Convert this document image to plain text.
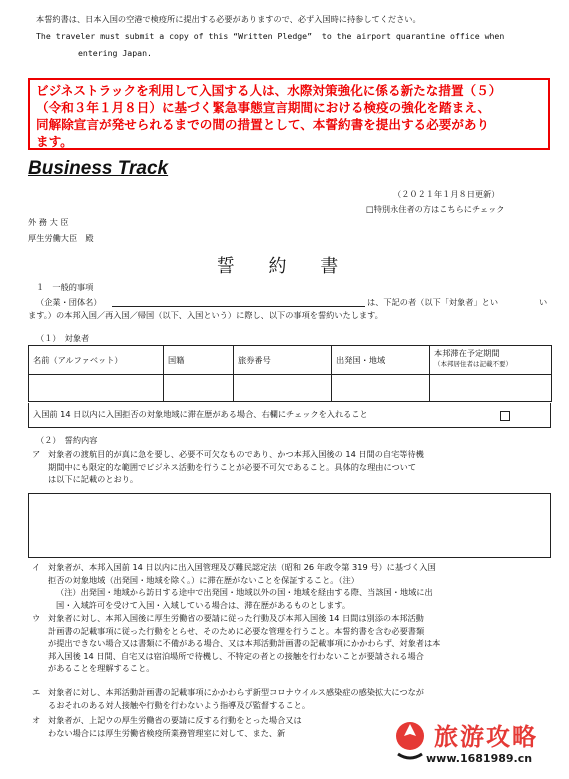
本誓約書は、日本入国の空港で検疫所に提出する必要がありますので、必ず入国時に持参してください。
The traveler must submit a copy of this “Written Pledge”  to the airport quarantine office when
entering Japan.

ビジネストラックを利用して入国する人は、水際対策強化に係る新たな措置（５）

（令和３年１月８日）に基づく緊急事態宣言期間における検疫の強化を踏まえ、

同解除宣言が発せられるまでの間の措置として、本誓約書を提出する必要があり

ます。

Business Track
（２０２１年１月８日更新）
□特別永住者の方はこちらにチェック
外 務 大 臣
厚生労働大臣　殿
誓 約 書
１　一般的事項
（企業・団体名）	は、下記の者（以下「対象者」とい	い
ます。）の本邦入国／再入国／帰国（以下、入国という）に際し、以下の事項を誓約いたします。
（１）　対象者
名前（アルファベット）	国籍	旅券番号	出発国・地域	本邦滞在予定期間
（本邦居住者は記載不要）

入国前 14 日以内に入国拒否の対象地域に滞在歴がある場合、右欄にチェックを入れること
（２）　誓約内容
ア 対象者の渡航目的が真に急を要し、必要不可欠なものであり、かつ本邦入国後の 14 日間の自宅等待機
期間中にも限定的な範囲でビジネス活動を行うことが必要不可欠であること。具体的な理由について
は以下に記載のとおり。
イ 対象者が、本邦入国前 14 日以内に出入国管理及び難民認定法（昭和 26 年政令第 319 号）に基づく入国
拒否の対象地域（出発国・地域を除く。）に滞在歴がないことを保証すること。（注）
（注）出発国・地域から訪日する途中で出発国・地域以外の国・地域を経由する際、当該国・地域に出
国・入域許可を受けて入国・入域している場合は、滞在歴があるものとします。
ウ 対象者に対し、本邦入国後に厚生労働省の要請に従った行動及び本邦入国後 14 日間は別添の本邦活動
計画書の記載事項に従った行動をとらせ、そのために必要な管理を行うこと。本誓約書を含む必要書類
が提出できない場合又は書類に不備がある場合、又は本邦活動計画書の記載事項にかかわらず、対象者は本
邦入国後 14 日間、自宅又は宿泊場所で待機し、不特定の者との接触を行わないことが要請される場合
があることを理解すること。
エ 対象者に対し、本邦活動計画書の記載事項にかかわらず新型コロナウイルス感染症の感染拡大につなが
るおそれのある対人接触や行動を行わないよう指導及び監督すること。
オ 対象者が、上記ウの厚生労働省の要請に反する行動をとった場合又は
わない場合には厚生労働省検疫所業務管理室に対して、また、新	旅游攻略
www.1681989.cn
